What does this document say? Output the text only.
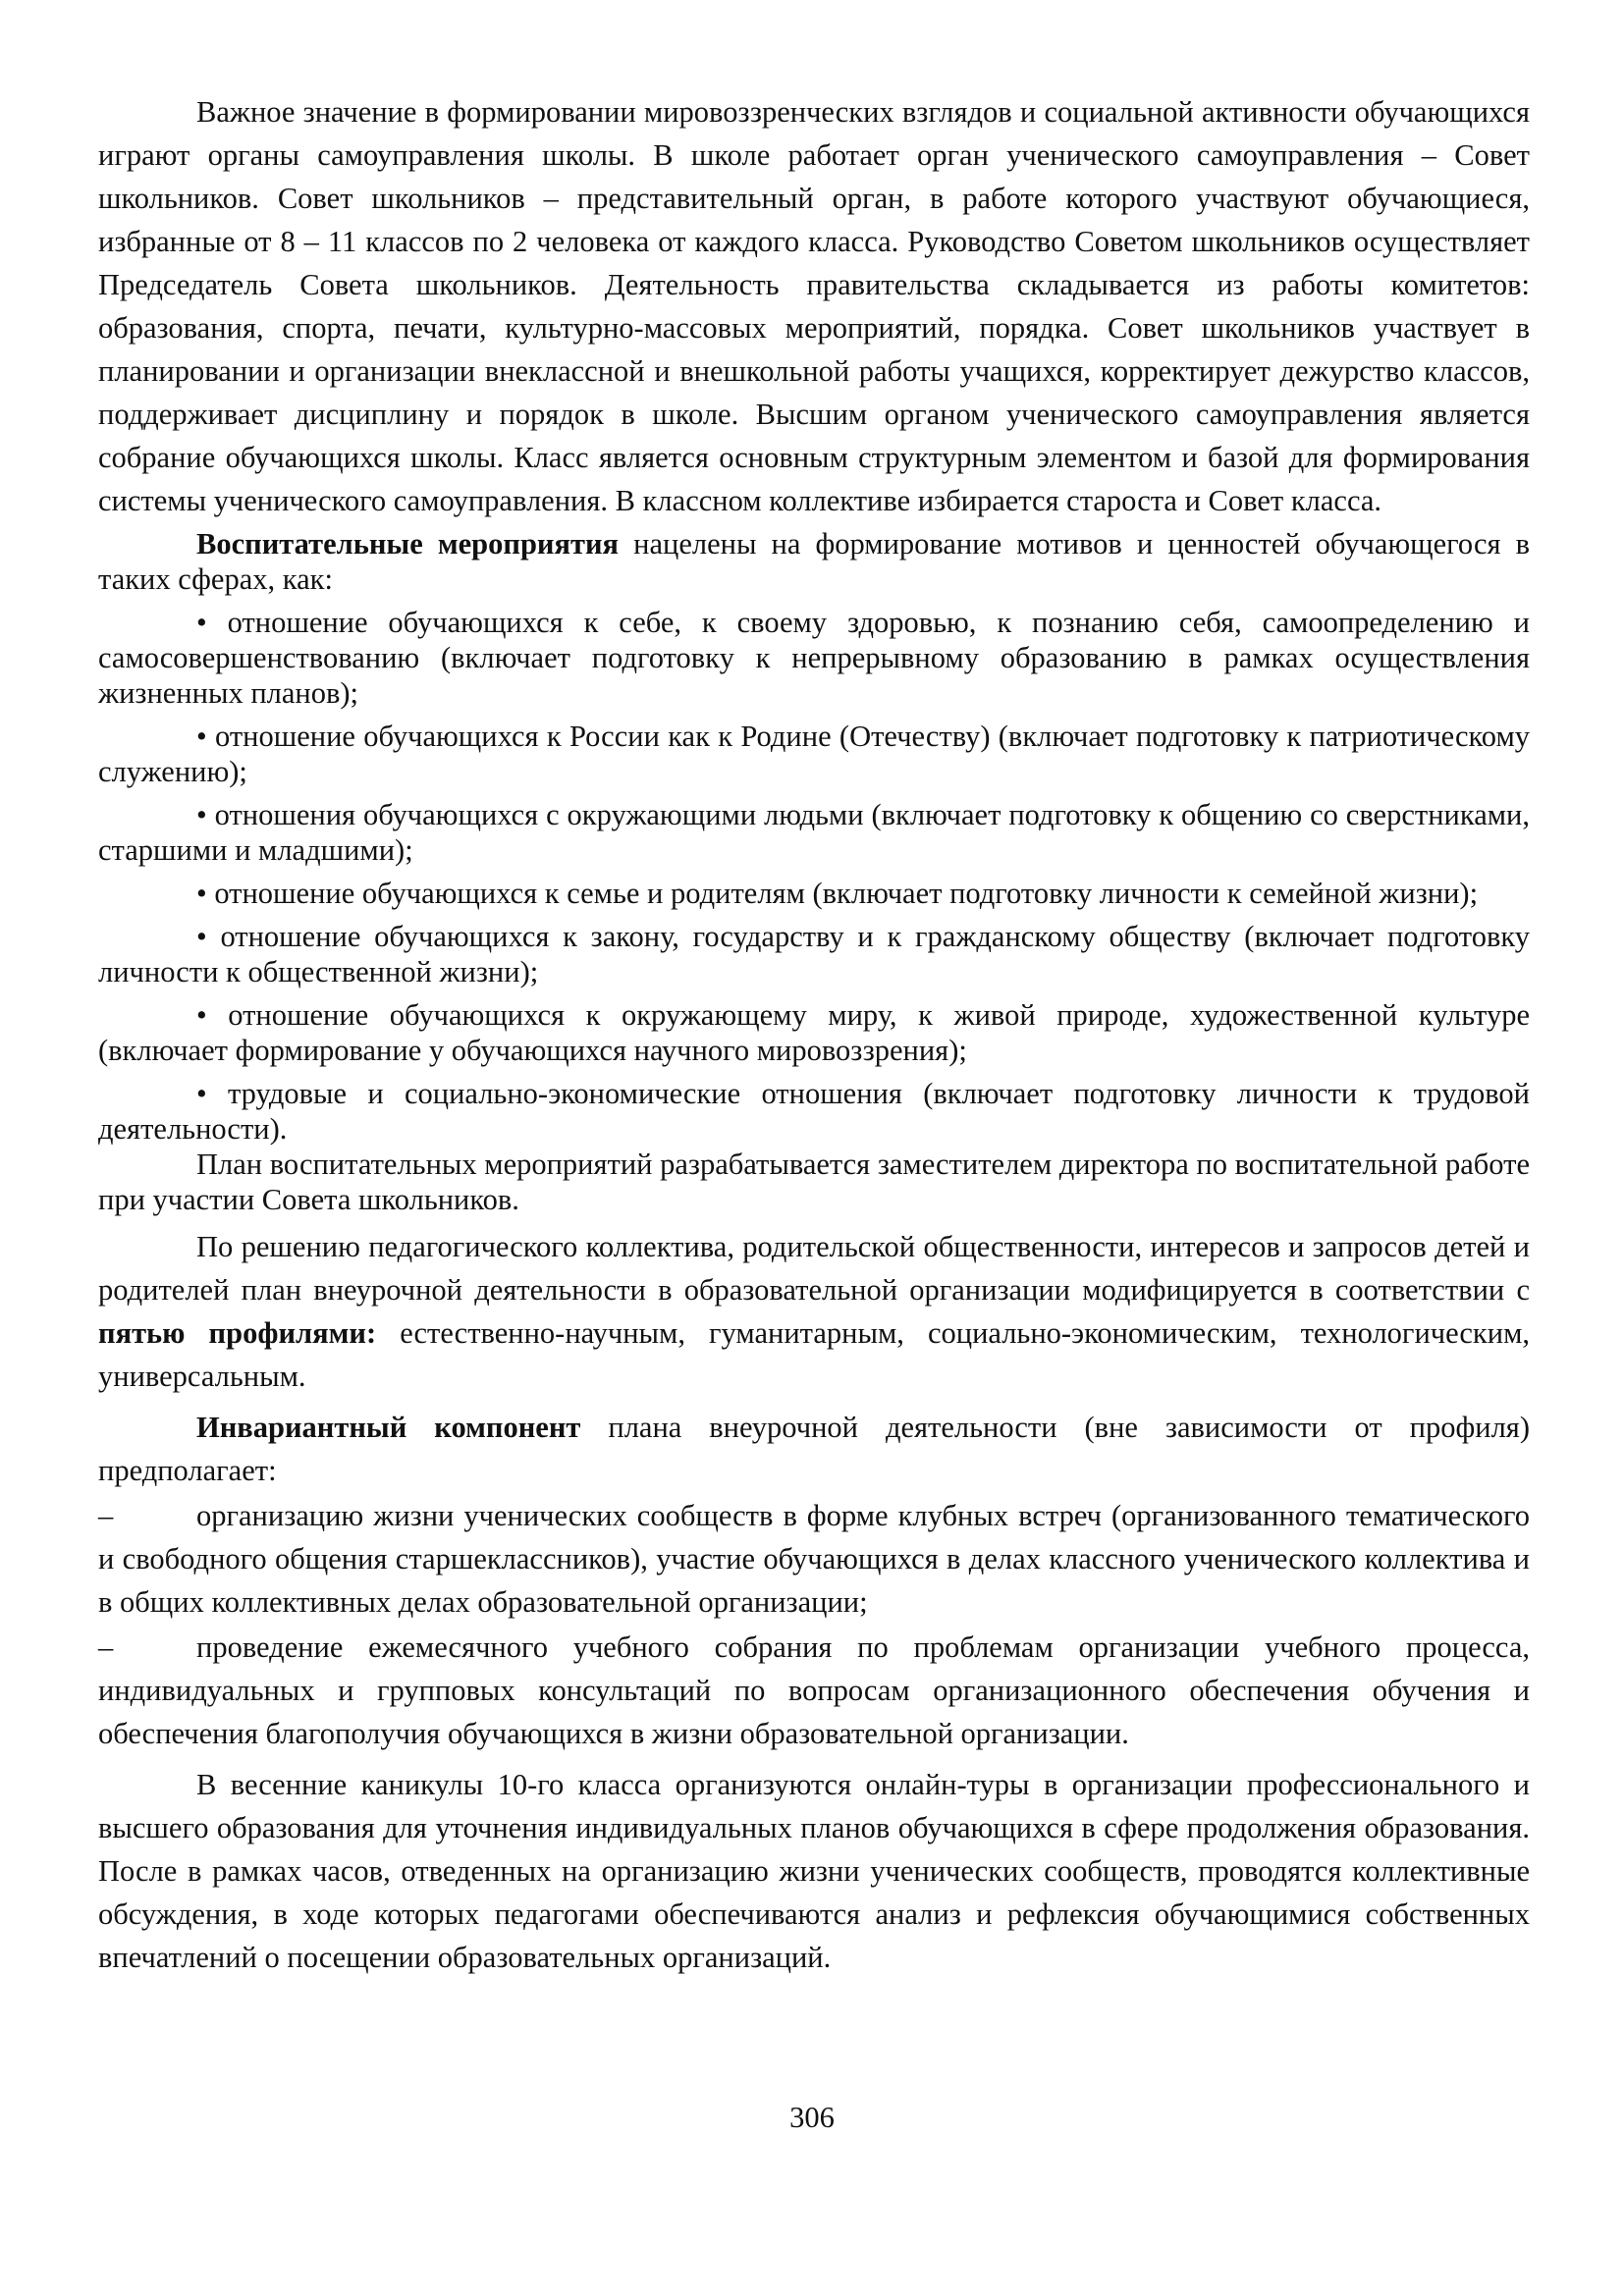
Важное значение в формировании мировоззренческих взглядов и социальной активности обучающихся играют органы самоуправления школы. В школе работает орган ученического самоуправления – Совет школьников. Совет школьников – представительный орган, в работе которого участвуют обучающиеся, избранные от 8 – 11 классов по 2 человека от каждого класса. Руководство Советом школьников осуществляет Председатель Совета школьников. Деятельность правительства складывается из работы комитетов: образования, спорта, печати, культурно-массовых мероприятий, порядка. Совет школьников участвует в планировании и организации внеклассной и внешкольной работы учащихся, корректирует дежурство классов, поддерживает дисциплину и порядок в школе. Высшим органом ученического самоуправления является собрание обучающихся школы. Класс является основным структурным элементом и базой для формирования системы ученического самоуправления. В классном коллективе избирается староста и Совет класса.

Воспитательные мероприятия нацелены на формирование мотивов и ценностей обучающегося в таких сферах, как:

• отношение обучающихся к себе, к своему здоровью, к познанию себя, самоопределению и самосовершенствованию (включает подготовку к непрерывному образованию в рамках осуществления жизненных планов);

• отношение обучающихся к России как к Родине (Отечеству) (включает подготовку к патриотическому служению);

• отношения обучающихся с окружающими людьми (включает подготовку к общению со сверстниками, старшими и младшими);

• отношение обучающихся к семье и родителям (включает подготовку личности к семейной жизни);

• отношение обучающихся к закону, государству и к гражданскому обществу (включает подготовку личности к общественной жизни);

• отношение обучающихся к окружающему миру, к живой природе, художественной культуре (включает формирование у обучающихся научного мировоззрения);

• трудовые и социально-экономические отношения (включает подготовку личности к трудовой деятельности).

План воспитательных мероприятий разрабатывается заместителем директора по воспитательной работе при участии Совета школьников.

По решению педагогического коллектива, родительской общественности, интересов и запросов детей и родителей план внеурочной деятельности в образовательной организации модифицируется в соответствии с пятью профилями: естественно-научным, гуманитарным, социально-экономическим, технологическим, универсальным.

Инвариантный компонент плана внеурочной деятельности (вне зависимости от профиля) предполагает:

–	организацию жизни ученических сообществ в форме клубных встреч (организованного тематического и свободного общения старшеклассников), участие обучающихся в делах классного ученического коллектива и в общих коллективных делах образовательной организации;

–	проведение ежемесячного учебного собрания по проблемам организации учебного процесса, индивидуальных и групповых консультаций по вопросам организационного обеспечения обучения и обеспечения благополучия обучающихся в жизни образовательной организации.

В весенние каникулы 10-го класса организуются онлайн-туры в организации профессионального и высшего образования для уточнения индивидуальных планов обучающихся в сфере продолжения образования. После в рамках часов, отведенных на организацию жизни ученических сообществ, проводятся коллективные обсуждения, в ходе которых педагогами обеспечиваются анализ и рефлексия обучающимися собственных впечатлений о посещении образовательных организаций.

306
